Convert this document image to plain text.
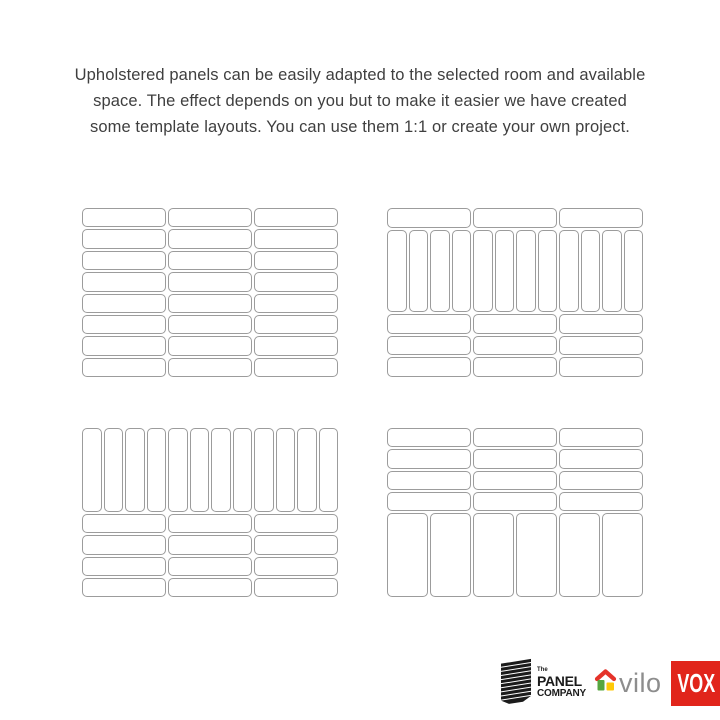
Upholstered panels can be easily adapted to the selected room and available
space. The effect depends on you but to make it easier we have created
some template layouts. You can use them 1:1 or create your own project.
The
PANEL
COMPANY vilo VOX
